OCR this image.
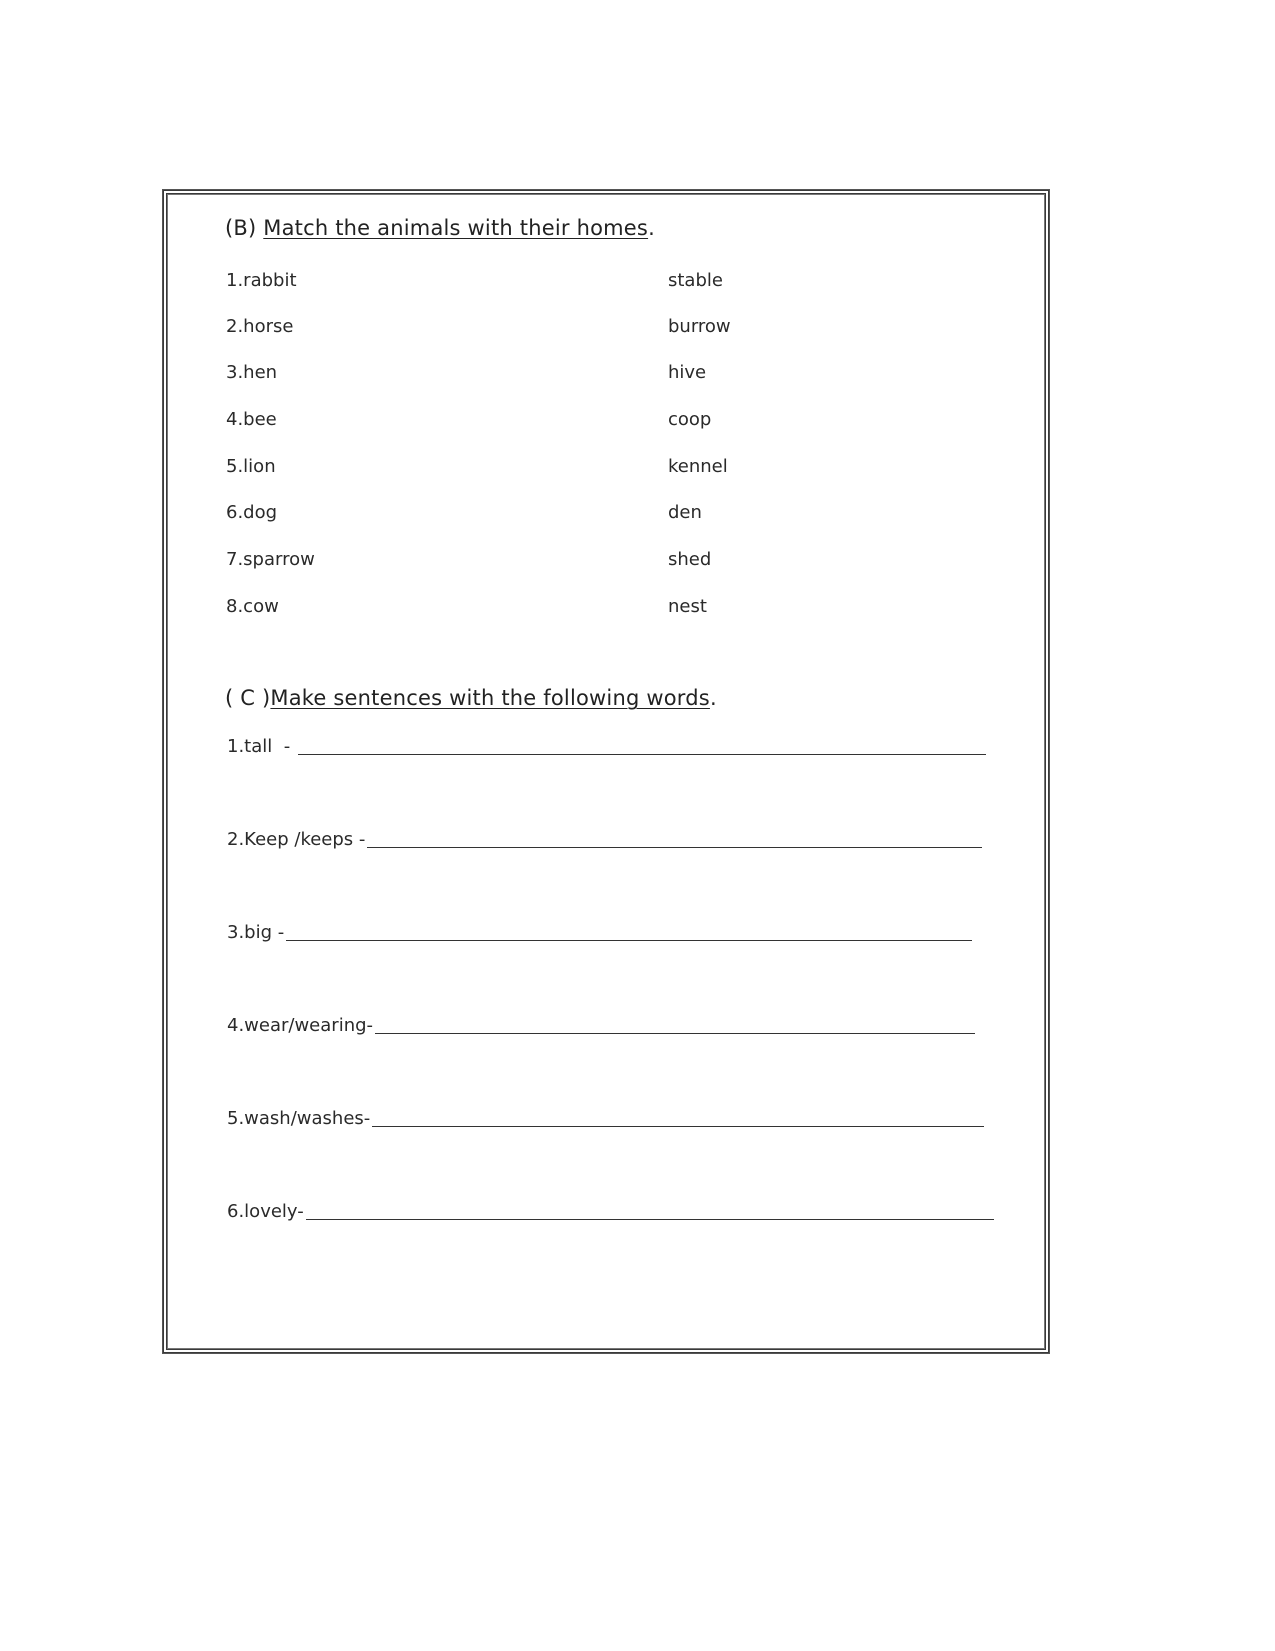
(B) Match the animals with their homes.
1.rabbit
2.horse
3.hen
4.bee
5.lion
6.dog
7.sparrow
8.cow
stable
burrow
hive
coop
kennel
den
shed
nest
( C )Make sentences with the following words.
1.tall  -
2.Keep /keeps -
3.big -
4.wear/wearing-
5.wash/washes-
6.lovely-
